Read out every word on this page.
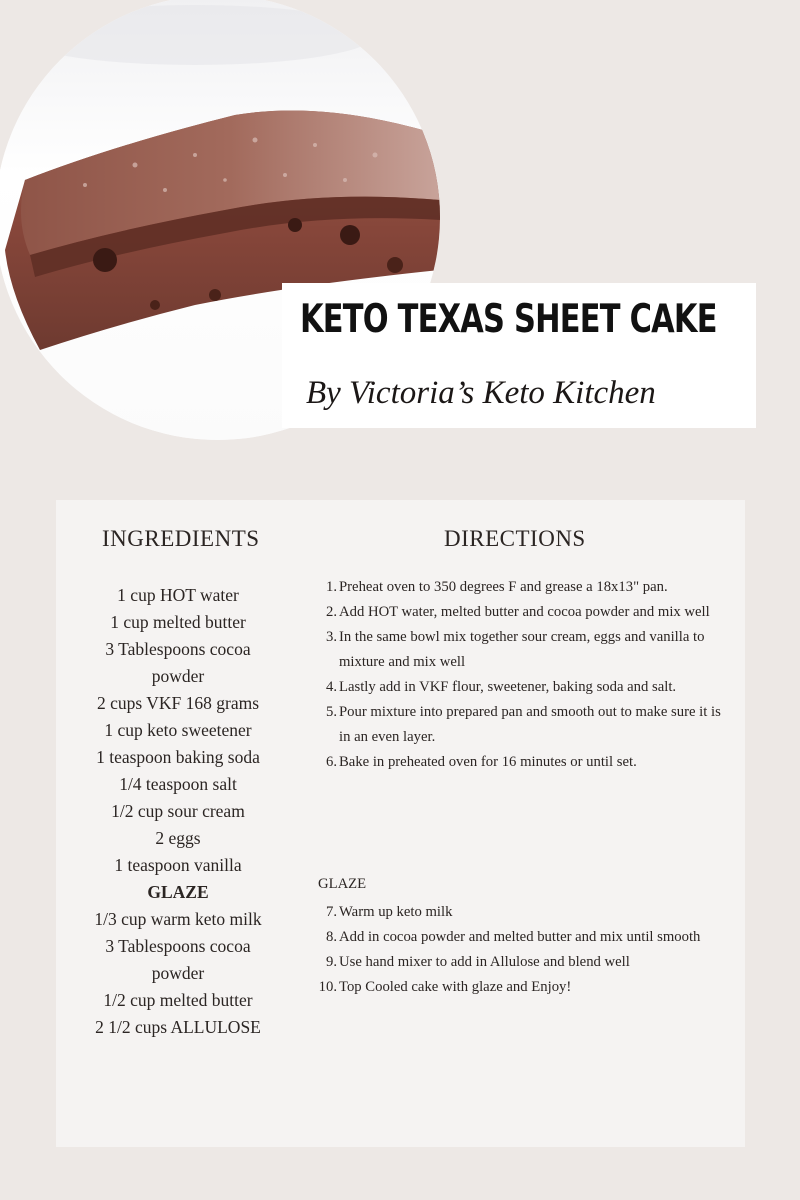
KETO TEXAS SHEET CAKE
By Victoria’s Keto Kitchen
INGREDIENTS	DIRECTIONS
1 cup HOT water
1 cup melted butter
3 Tablespoons cocoa
powder
2 cups VKF 168 grams
1 cup keto sweetener
1 teaspoon baking soda
1/4 teaspoon salt
1/2 cup sour cream
2 eggs
1 teaspoon vanilla
GLAZE
1/3 cup warm keto milk
3 Tablespoons cocoa
powder
1/2 cup melted butter
2 1/2 cups ALLULOSE
1. Preheat oven to 350 degrees F and grease a 18x13" pan.
2. Add HOT water, melted butter and cocoa powder and mix well
3. In the same bowl mix together sour cream, eggs and vanilla to mixture and mix well
4. Lastly add in VKF flour, sweetener, baking soda and salt.
5. Pour mixture into prepared pan and smooth out to make sure it is in an even layer.
6. Bake in preheated oven for 16 minutes or until set.
GLAZE
7. Warm up keto milk
8. Add in cocoa powder and melted butter and mix until smooth
9. Use hand mixer to add in Allulose and blend well
10. Top Cooled cake with glaze and Enjoy!
